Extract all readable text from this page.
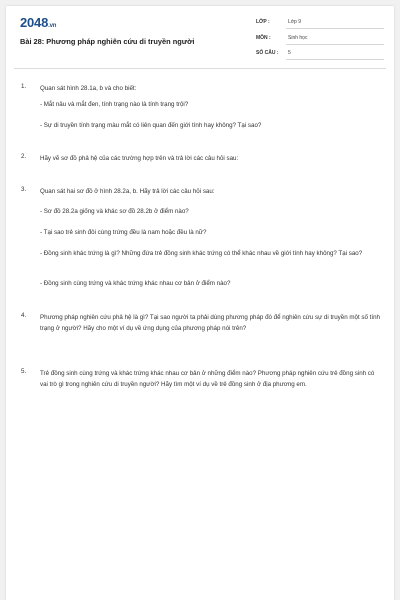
2048.vn
Bài 28: Phương pháp nghiên cứu di truyền người
LỚP :	Lớp 9
MÔN :	Sinh học
SỐ CÂU : 5
1. Quan sát hình 28.1a, b và cho biết:
- Mắt nâu và mắt đen, tính trạng nào là tính trạng trội?
- Sự di truyền tính trạng màu mắt có liên quan đến giới tính hay không? Tại sao?
2. Hãy vẽ sơ đồ phả hệ của các trường hợp trên và trả lời các câu hỏi sau:
3. Quan sát hai sơ đồ ở hình 28.2a, b. Hãy trả lời các câu hỏi sau:
- Sơ đồ 28.2a giống và khác sơ đồ 28.2b ở điểm nào?
- Tại sao trẻ sinh đôi cùng trứng đều là nam hoặc đều là nữ?
- Đồng sinh khác trứng là gì? Những đứa trẻ đồng sinh khác trứng có thể khác nhau về giới tính hay không? Tại sao?
- Đồng sinh cùng trứng và khác trứng khác nhau cơ bản ở điểm nào?
4. Phương pháp nghiên cứu phả hệ là gì? Tại sao người ta phải dùng phương pháp đó để nghiên cứu sự di truyền một số tính trạng ở người? Hãy cho một ví dụ về ứng dụng của phương pháp nói trên?
5. Trẻ đồng sinh cùng trứng và khác trứng khác nhau cơ bản ở những điểm nào? Phương pháp nghiên cứu trẻ đồng sinh có vai trò gì trong nghiên cứu di truyền người? Hãy tìm một ví dụ về trẻ đồng sinh ở địa phương em.
